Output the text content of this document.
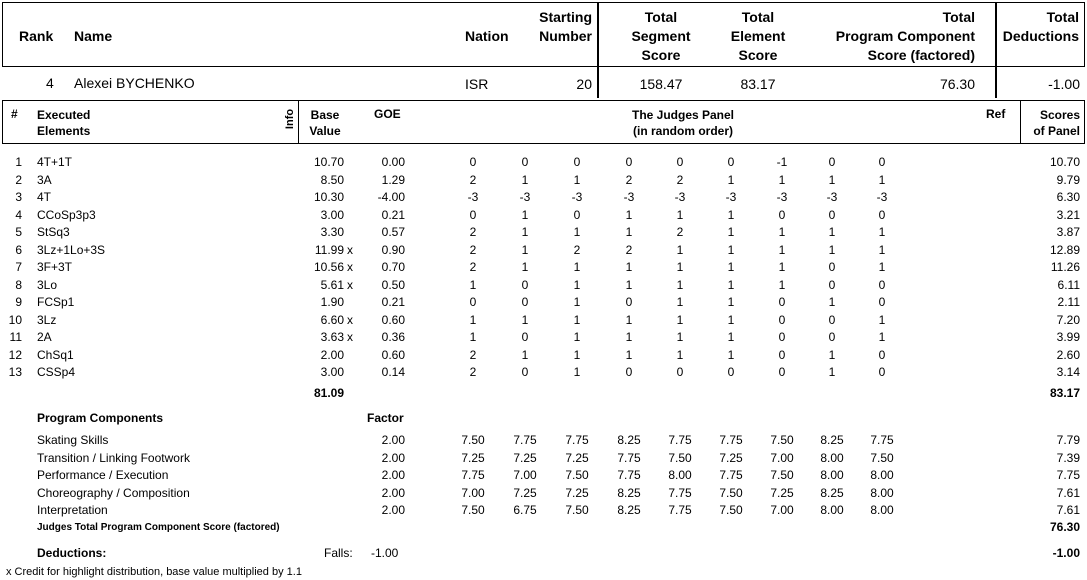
Rank Name	Nation
Starting
Number
Total
Segment
Score
Total
Element
Score
Total
Program Component
Score (factored)
Total
Deductions
4 Alexei BYCHENKO	ISR	20	158.47	83.17	76.30	-1.00
# Executed
Elements
Info	Base
Value
GOE	The Judges Panel
(in random order)
Ref	Scores
of Panel
1 4T+1T	10.70	0.00	0	0	0	0	0	0	-1	0	0	10.70
2 3A	8.50	1.29	2	1	1	2	2	1	1	1	1	9.79
3 4T	10.30	-4.00	-3	-3	-3	-3	-3	-3	-3	-3	-3	6.30
4 CCoSp3p3	3.00	0.21	0	1	0	1	1	1	0	0	0	3.21
5 StSq3	3.30	0.57	2	1	1	1	2	1	1	1	1	3.87
6 3Lz+1Lo+3S	11.99 x	0.90	2	1	2	2	1	1	1	1	1	12.89
7 3F+3T	10.56 x	0.70	2	1	1	1	1	1	1	0	1	11.26
8 3Lo	5.61 x	0.50	1	0	1	1	1	1	1	0	0	6.11
9 FCSp1	1.90	0.21	0	0	1	0	1	1	0	1	0	2.11
10 3Lz	6.60 x	0.60	1	1	1	1	1	1	0	0	1	7.20
11 2A	3.63 x	0.36	1	0	1	1	1	1	0	0	1	3.99
12 ChSq1	2.00	0.60	2	1	1	1	1	1	0	1	0	2.60
13 CSSp4	3.00	0.14	2	0	1	0	0	0	0	1	0	3.14
81.09	83.17
Program Components	Factor
Skating Skills	2.00	7.50	7.75	7.75	8.25	7.75	7.75	7.50	8.25	7.75	7.79
Transition / Linking Footwork	2.00	7.25	7.25	7.25	7.75	7.50	7.25	7.00	8.00	7.50	7.39
Performance / Execution	2.00	7.75	7.00	7.50	7.75	8.00	7.75	7.50	8.00	8.00	7.75
Choreography / Composition	2.00	7.00	7.25	7.25	8.25	7.75	7.50	7.25	8.25	8.00	7.61
Interpretation	2.00	7.50	6.75	7.50	8.25	7.75	7.50	7.00	8.00	8.00	7.61
Judges Total Program Component Score (factored)	76.30
Deductions:	Falls: -1.00	-1.00
x Credit for highlight distribution, base value multiplied by 1.1
